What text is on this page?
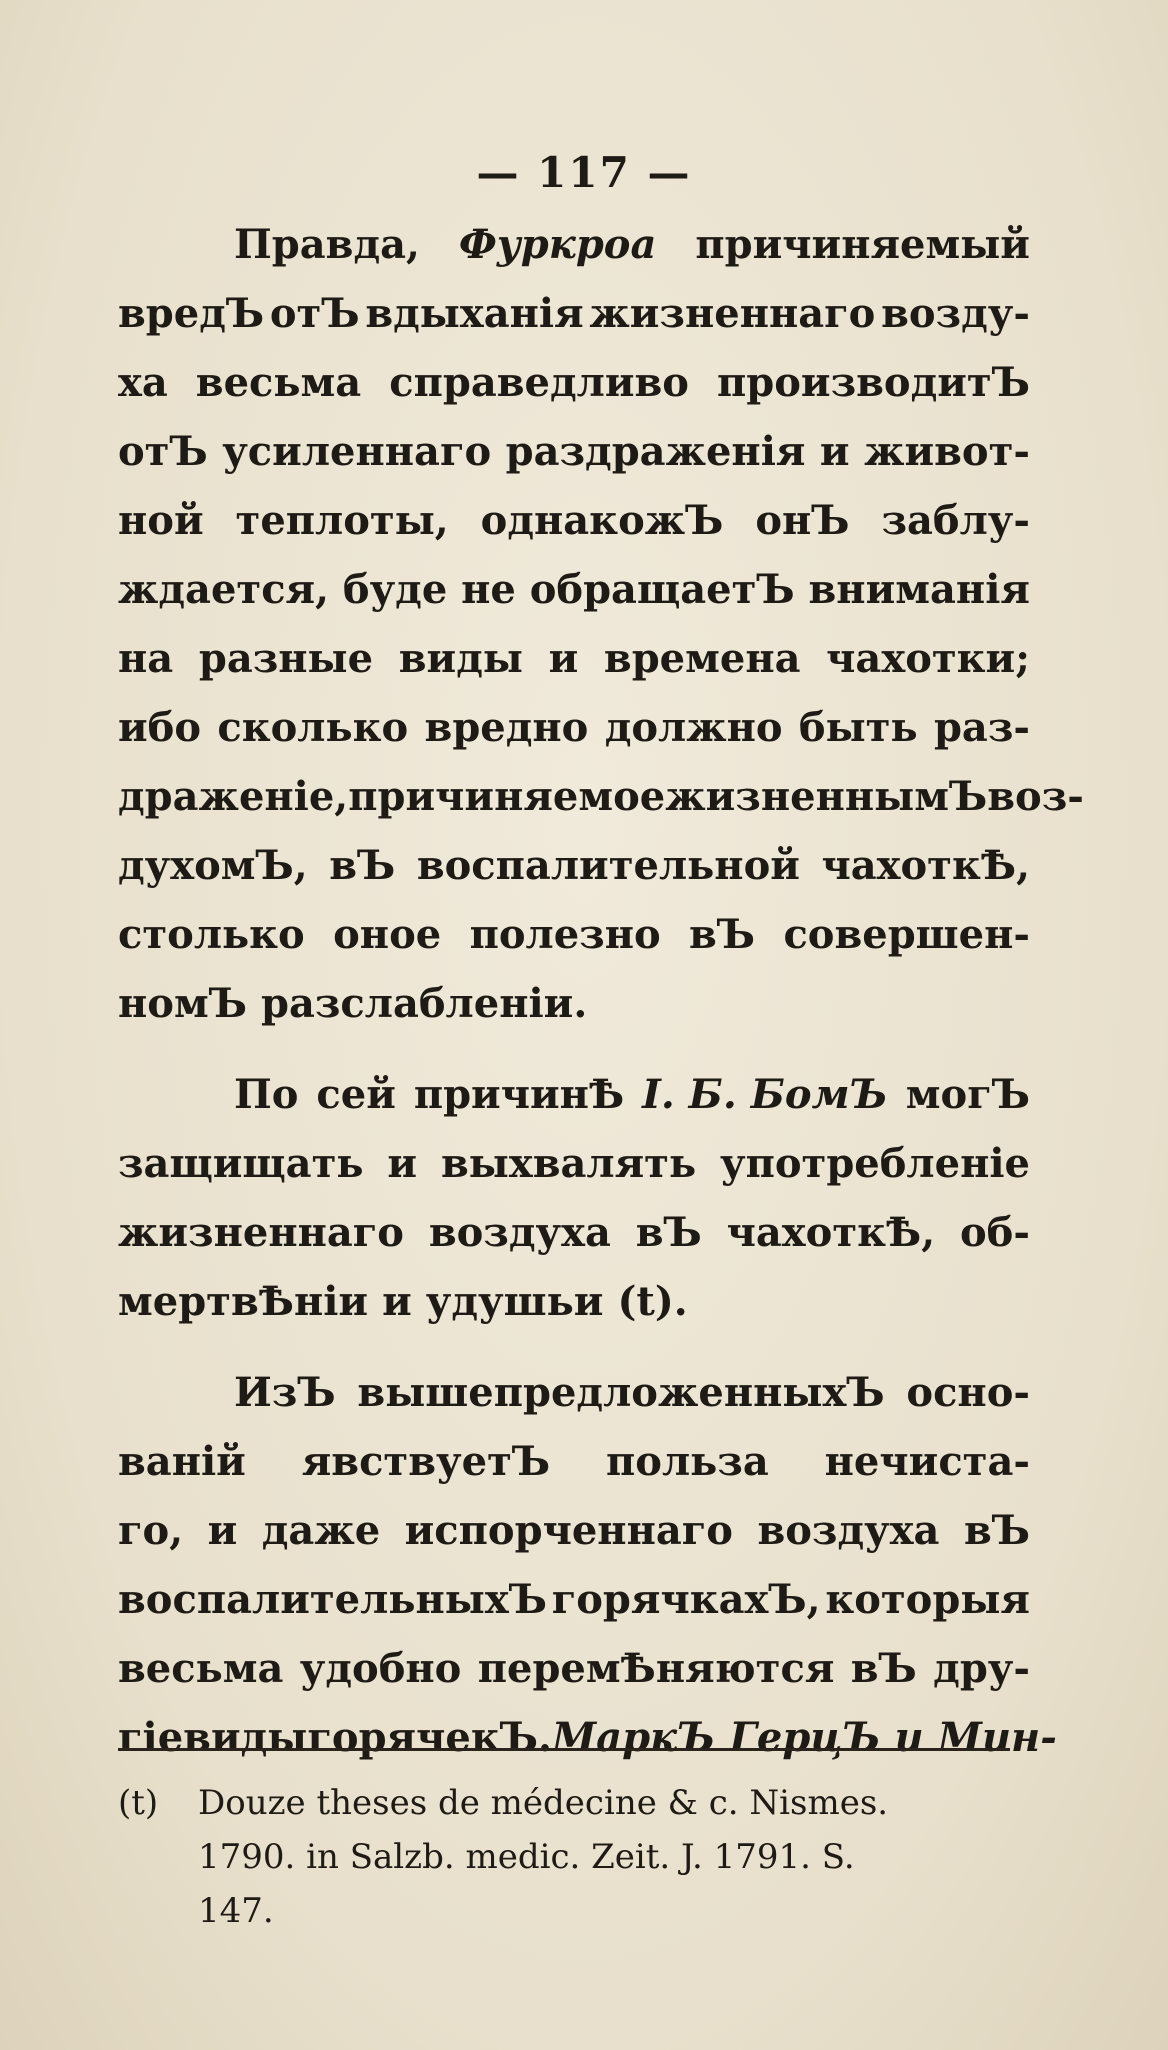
— 117 —
Правда, Фуркроа причиняемый
вредЪ отЪ вдыханія жизненнаго возду-
ха весьма справедливо производитЪ
отЪ усиленнаго раздраженія и живот-
ной теплоты, однакожЪ онЪ заблу-
ждается, буде не обращаетЪ вниманія
на разные виды и времена чахотки;
ибо сколько вредно должно быть раз-
драженіе, причиняемое жизненнымЪ воз-
духомЪ, вЪ воспалительной чахоткѢ,
столько оное полезно вЪ совершен-
номЪ разслабленіи.
По сей причинѢ I. Б. БомЪ могЪ
защищать и выхвалять употребленіе
жизненнаго воздуха вЪ чахоткѢ, об-
мертвѢніи и удушьи (t).
ИзЪ вышепредложенныхЪ осно-
ваній явствуетЪ польза нечиста-
го, и даже испорченнаго воздуха вЪ
воспалительныхЪ горячкахЪ, которыя
весьма удобно перемѢняются вЪ дру-
гіе виды горячекЪ. МаркЪ ГерцЪ и Мин-
(t) Douze theses de médecine & c. Nismes.
1790. in Salzb. medic. Zeit. J. 1791. S.
147.
